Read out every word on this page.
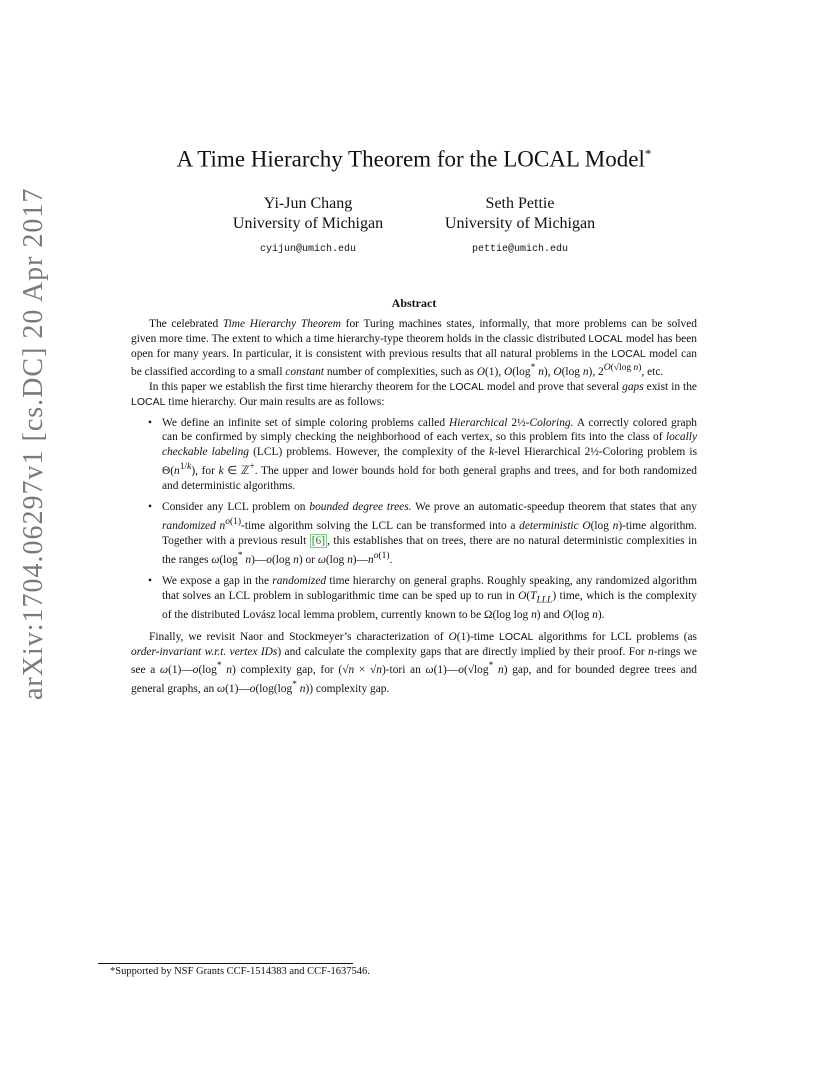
arXiv:1704.06297v1 [cs.DC] 20 Apr 2017
A Time Hierarchy Theorem for the LOCAL Model*
Yi-Jun Chang
University of Michigan
cyijun@umich.edu
Seth Pettie
University of Michigan
pettie@umich.edu
Abstract

The celebrated Time Hierarchy Theorem for Turing machines states, informally, that more problems can be solved given more time. The extent to which a time hierarchy-type theorem holds in the classic distributed LOCAL model has been open for many years. In particular, it is consistent with previous results that all natural problems in the LOCAL model can be classified according to a small constant number of complexities, such as O(1), O(log* n), O(log n), $2^{O(√log n)}$, etc.

In this paper we establish the first time hierarchy theorem for the LOCAL model and prove that several gaps exist in the LOCAL time hierarchy. Our main results are as follows:

• We define an infinite set of simple coloring problems called Hierarchical 2½-Coloring. A correctly colored graph can be confirmed by simply checking the neighborhood of each vertex, so this problem fits into the class of locally checkable labeling (LCL) problems. However, the complexity of the k-level Hierarchical 2½-Coloring problem is $\Theta(n^{1/k})$, for k ∈ ℤ+. The upper and lower bounds hold for both general graphs and trees, and for both randomized and deterministic algorithms.
• Consider any LCL problem on bounded degree trees. We prove an automatic-speedup theorem that states that any randomized $n^{o(1)}$-time algorithm solving the LCL can be transformed into a deterministic O(log n)-time algorithm. Together with a previous result [6] , this establishes that on trees, there are no natural deterministic complexities in the ranges ω(log* n)—o(log n) or ω(log $n)—n^{o(1)}$.
• We expose a gap in the randomized time hierarchy on general graphs. Roughly speaking, any randomized algorithm that solves an LCL problem in sublogarithmic time can be sped up to run in $O(T_{LLL})$ time, which is the complexity of the distributed Lovász local lemma problem, currently known to be Ω(log log n) and O(log n).

Finally, we revisit Naor and Stockmeyer’s characterization of O(1)-time LOCAL algorithms for LCL problems (as order-invariant w.r.t. vertex IDs) and calculate the complexity gaps that are directly implied by their proof. For n-rings we see a ω(1)—o(log* n) complexity gap, for (√n × √n)-tori an ω(1)—o(√log* n) gap, and for bounded degree trees and general graphs, an ω(1)—o(log(log* n)) complexity gap.

*Supported by NSF Grants CCF-1514383 and CCF-1637546.
